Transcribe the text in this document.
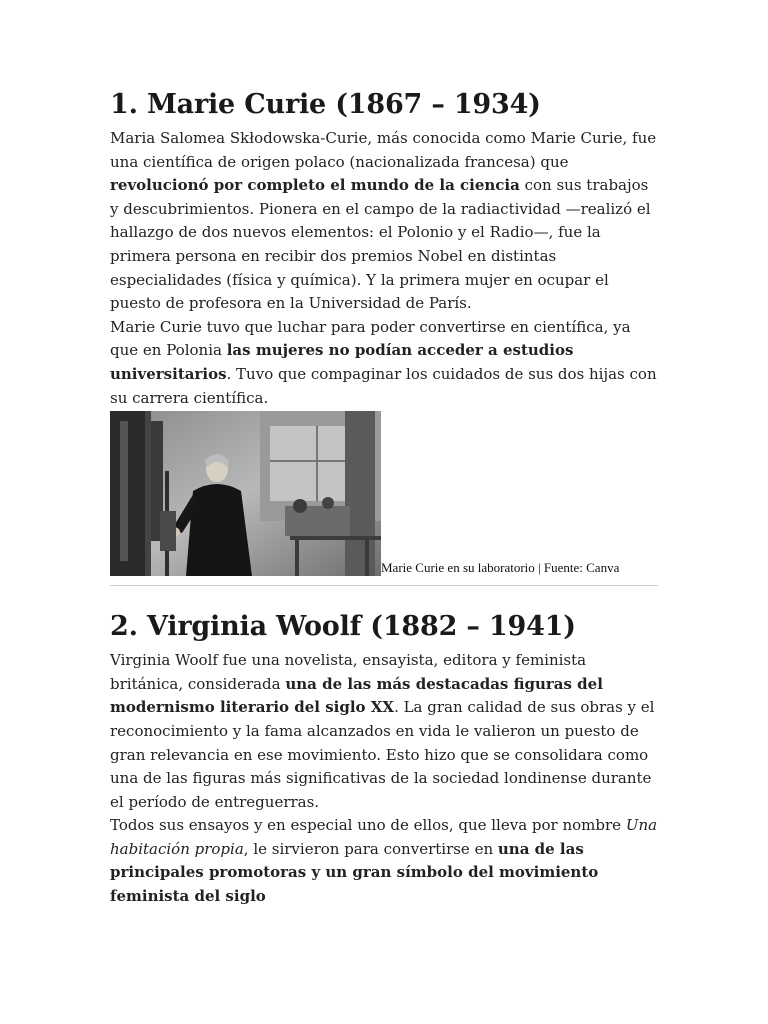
1. Marie Curie (1867 – 1934)

Maria Salomea Skłodowska-Curie, más conocida como Marie Curie, fue una científica de origen polaco (nacionalizada francesa) que revolucionó por completo el mundo de la ciencia con sus trabajos y descubrimientos. Pionera en el campo de la radiactividad —realizó el hallazgo de dos nuevos elementos: el Polonio y el Radio—, fue la primera persona en recibir dos premios Nobel en distintas especialidades (física y química). Y la primera mujer en ocupar el puesto de profesora en la Universidad de París.

Marie Curie tuvo que luchar para poder convertirse en científica, ya que en Polonia las mujeres no podían acceder a estudios universitarios. Tuvo que compaginar los cuidados de sus dos hijas con su carrera científica.

Marie Curie en su laboratorio | Fuente: Canva
2. Virginia Woolf (1882 – 1941)

Virginia Woolf fue una novelista, ensayista, editora y feminista británica, considerada una de las más destacadas figuras del modernismo literario del siglo XX. La gran calidad de sus obras y el reconocimiento y la fama alcanzados en vida le valieron un puesto de gran relevancia en ese movimiento. Esto hizo que se consolidara como una de las figuras más significativas de la sociedad londinense durante el período de entreguerras.

Todos sus ensayos y en especial uno de ellos, que lleva por nombre Una habitación propia, le sirvieron para convertirse en una de las principales promotoras y un gran símbolo del movimiento feminista del siglo
